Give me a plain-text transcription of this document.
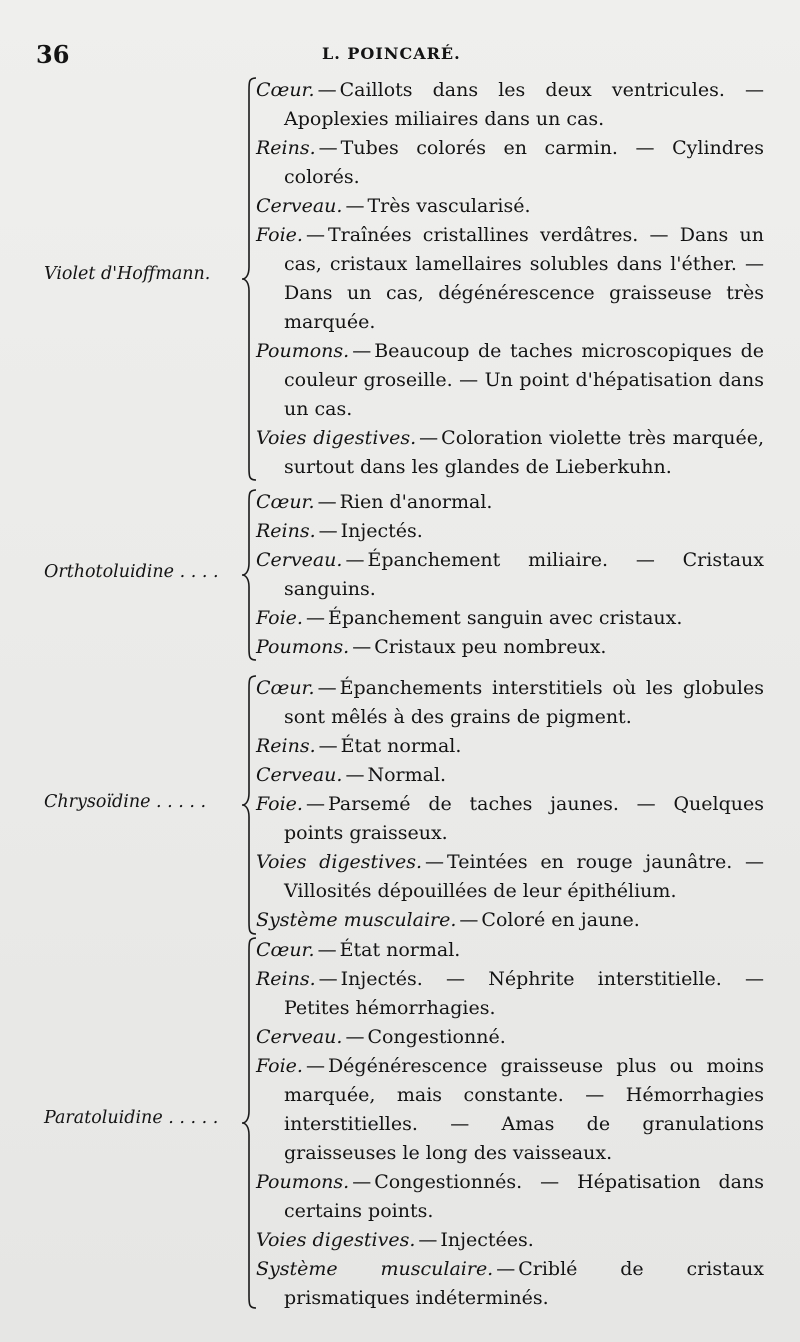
36	L. POINCARÉ.
Violet d'Hoffmann.
Cœur. — Caillots dans les deux ventricules. — Apoplexies miliaires dans un cas.
Reins. — Tubes colorés en carmin. — Cylindres colorés.
Cerveau. — Très vascularisé.
Foie. — Traînées cristallines verdâtres. — Dans un cas, cristaux lamellaires solubles dans l'éther. — Dans un cas, dégénérescence graisseuse très marquée.
Poumons. — Beaucoup de taches microscopiques de couleur groseille. — Un point d'hépatisation dans un cas.
Voies digestives. — Coloration violette très marquée, surtout dans les glandes de Lieberkuhn.
Orthotoluidine . . . .
Cœur. — Rien d'anormal.
Reins. — Injectés.
Cerveau. — Épanchement miliaire. — Cristaux sanguins.
Foie. — Épanchement sanguin avec cristaux.
Poumons. — Cristaux peu nombreux.
Chrysoïdine . . . . .
Cœur. — Épanchements interstitiels où les globules sont mêlés à des grains de pigment.
Reins. — État normal.
Cerveau. — Normal.
Foie. — Parsemé de taches jaunes. — Quelques points graisseux.
Voies digestives. — Teintées en rouge jaunâtre. — Villosités dépouillées de leur épithélium.
Système musculaire. — Coloré en jaune.
Paratoluidine . . . . .
Cœur. — État normal.
Reins. — Injectés. — Néphrite interstitielle. — Petites hémorrhagies.
Cerveau. — Congestionné.
Foie. — Dégénérescence graisseuse plus ou moins marquée, mais constante. — Hémorrhagies interstitielles. — Amas de granulations graisseuses le long des vaisseaux.
Poumons. — Congestionnés. — Hépatisation dans certains points.
Voies digestives. — Injectées.
Système musculaire. — Criblé de cristaux prismatiques indéterminés.
